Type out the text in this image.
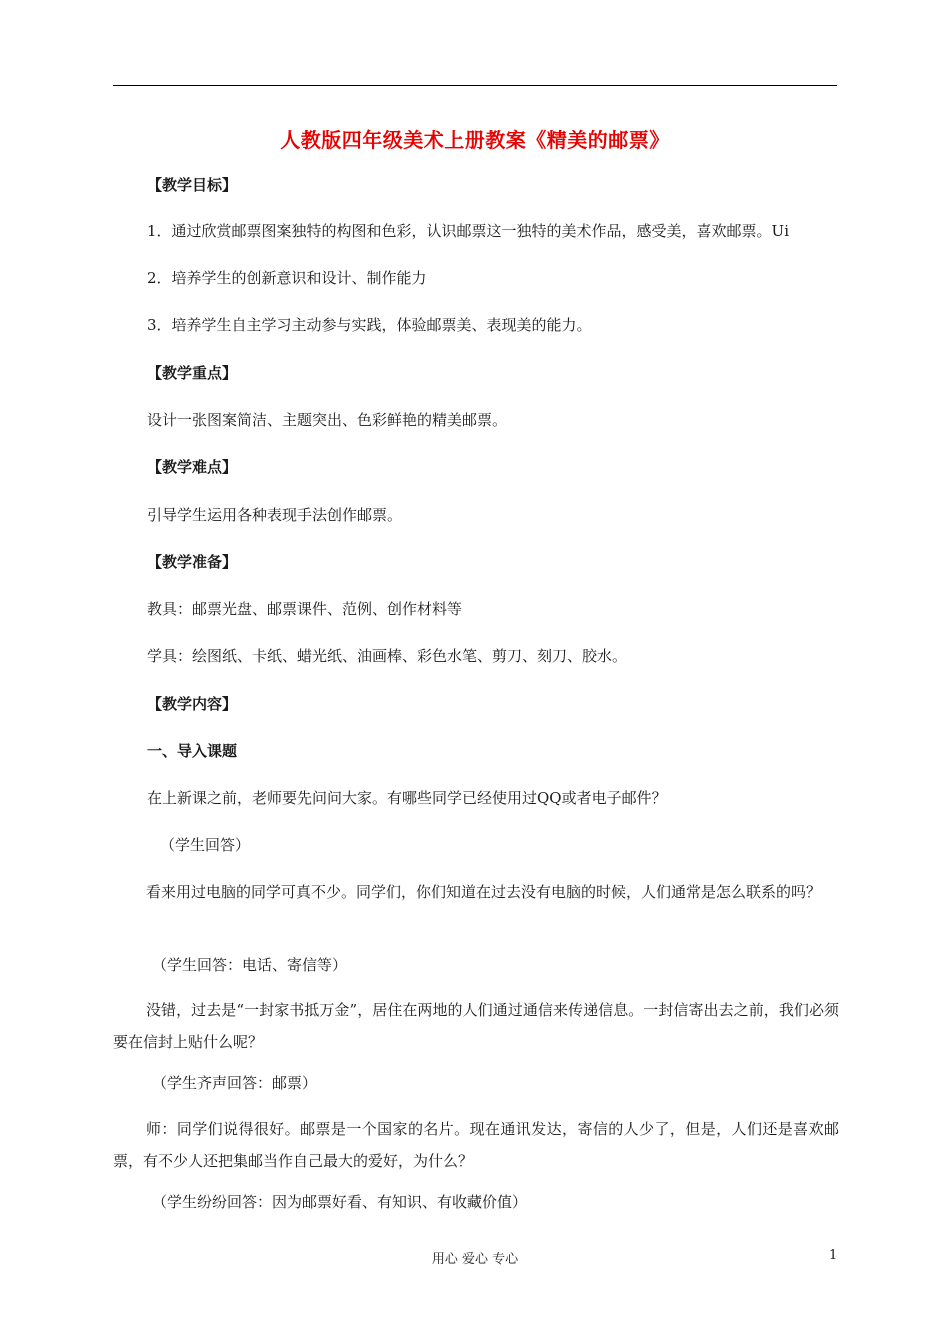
人教版四年级美术上册教案《精美的邮票》
【教学目标】
1．通过欣赏邮票图案独特的构图和色彩，认识邮票这一独特的美术作品，感受美，喜欢邮票。Ui
2．培养学生的创新意识和设计、制作能力
3．培养学生自主学习主动参与实践，体验邮票美、表现美的能力。
【教学重点】
设计一张图案简洁、主题突出、色彩鲜艳的精美邮票。
【教学难点】
引导学生运用各种表现手法创作邮票。
【教学准备】
教具：邮票光盘、邮票课件、范例、创作材料等
学具：绘图纸、卡纸、蜡光纸、油画棒、彩色水笔、剪刀、刻刀、胶水。
【教学内容】
一、导入课题
在上新课之前，老师要先问问大家。有哪些同学已经使用过QQ或者电子邮件？
（学生回答）
看来用过电脑的同学可真不少。同学们，你们知道在过去没有电脑的时候，人们通常是怎么联系的吗？
（学生回答：电话、寄信等）
没错，过去是“一封家书抵万金”，居住在两地的人们通过通信来传递信息。一封信寄出去之前，我们必须要在信封上贴什么呢？
（学生齐声回答：邮票）
师：同学们说得很好。邮票是一个国家的名片。现在通讯发达，寄信的人少了，但是，人们还是喜欢邮票，有不少人还把集邮当作自己最大的爱好，为什么？
（学生纷纷回答：因为邮票好看、有知识、有收藏价值）
用心 爱心 专心	1
